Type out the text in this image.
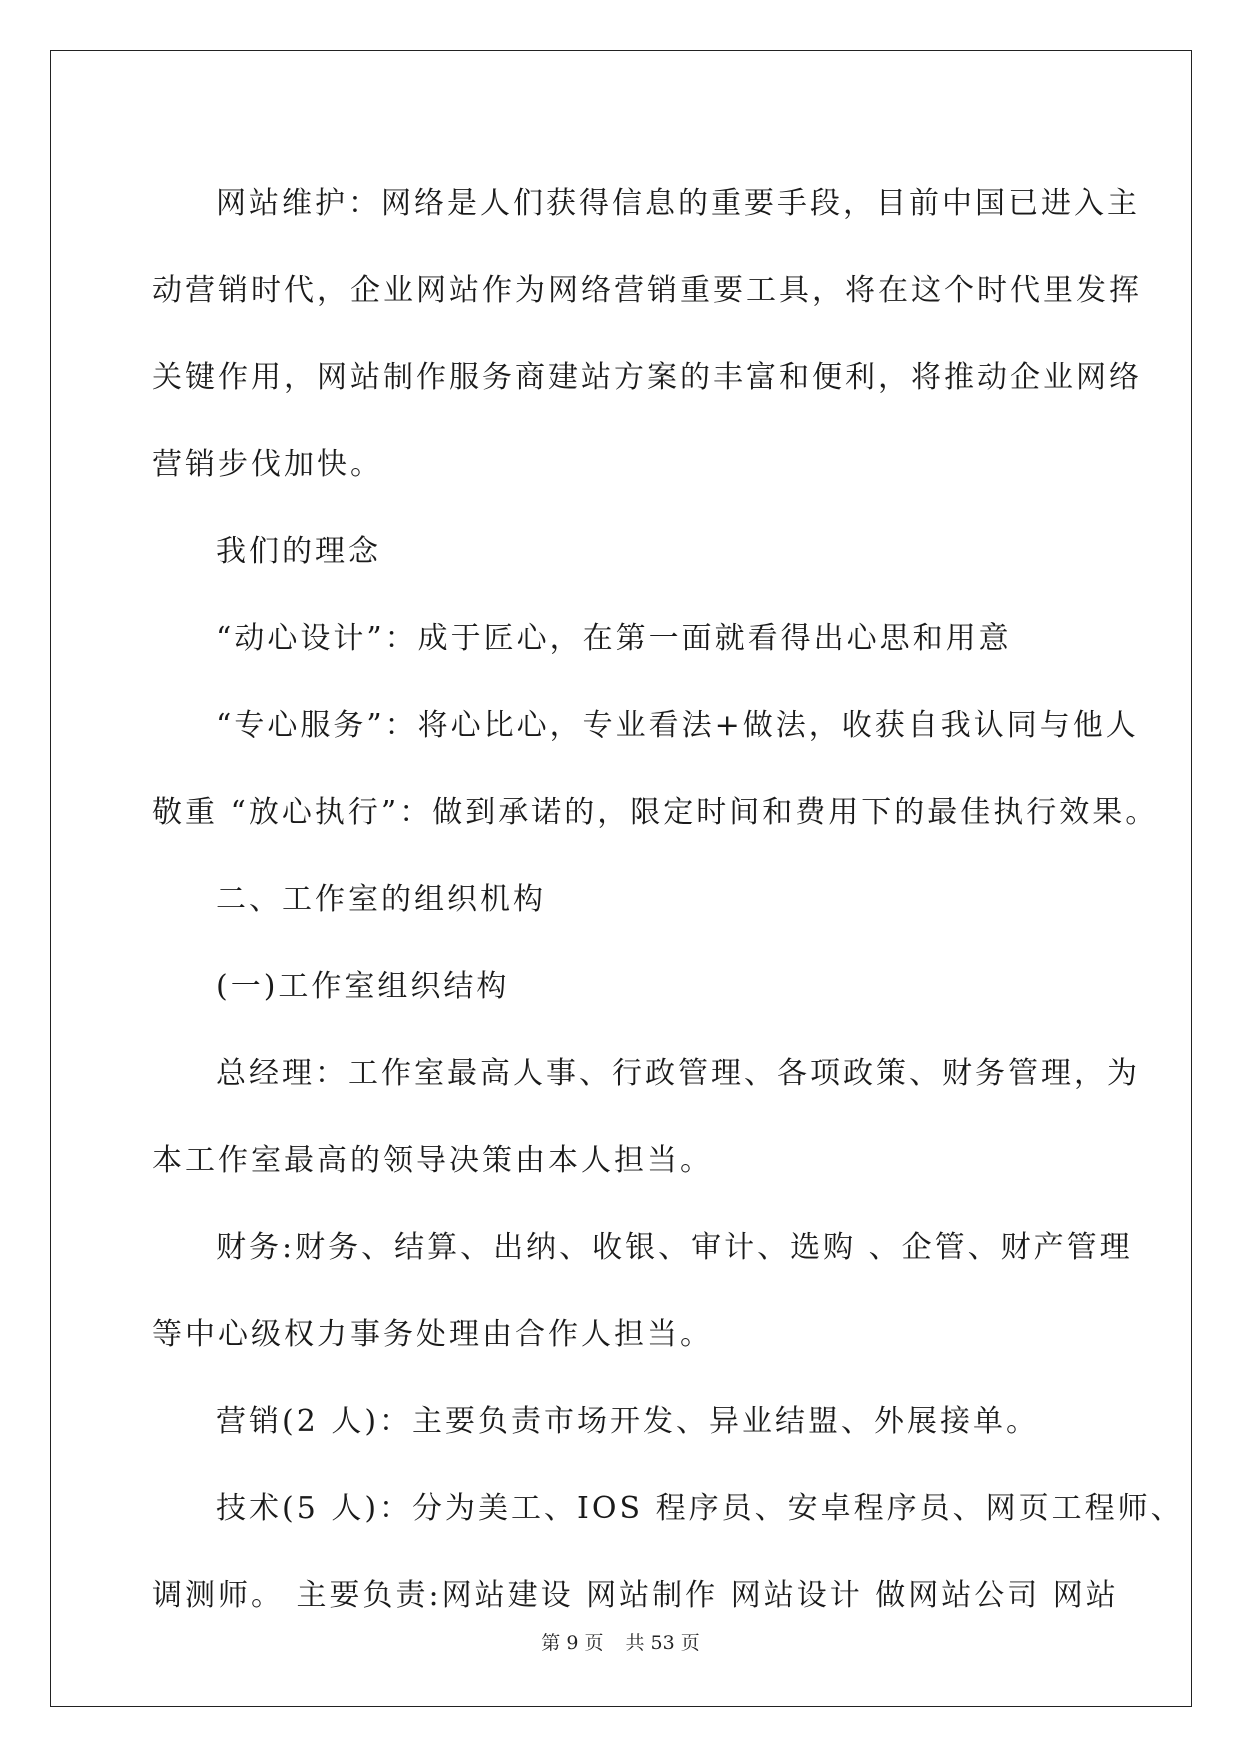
网站维护：网络是人们获得信息的重要手段，目前中国已进入主
动营销时代，企业网站作为网络营销重要工具，将在这个时代里发挥
关键作用，网站制作服务商建站方案的丰富和便利，将推动企业网络
营销步伐加快。
我们的理念
“动心设计”：成于匠心，在第一面就看得出心思和用意
“专心服务”：将心比心，专业看法+做法，收获自我认同与他人
敬重 “放心执行”：做到承诺的，限定时间和费用下的最佳执行效果。
二、工作室的组织机构
(一)工作室组织结构
总经理：工作室最高人事、行政管理、各项政策、财务管理，为
本工作室最高的领导决策由本人担当。
财务:财务、结算、出纳、收银、审计、选购 、企管、财产管理
等中心级权力事务处理由合作人担当。
营销(2 人)：主要负责市场开发、异业结盟、外展接单。
技术(5 人)：分为美工、IOS 程序员、安卓程序员、网页工程师、
调测师。 主要负责:网站建设 网站制作 网站设计 做网站公司 网站
第 9 页 共 53 页
